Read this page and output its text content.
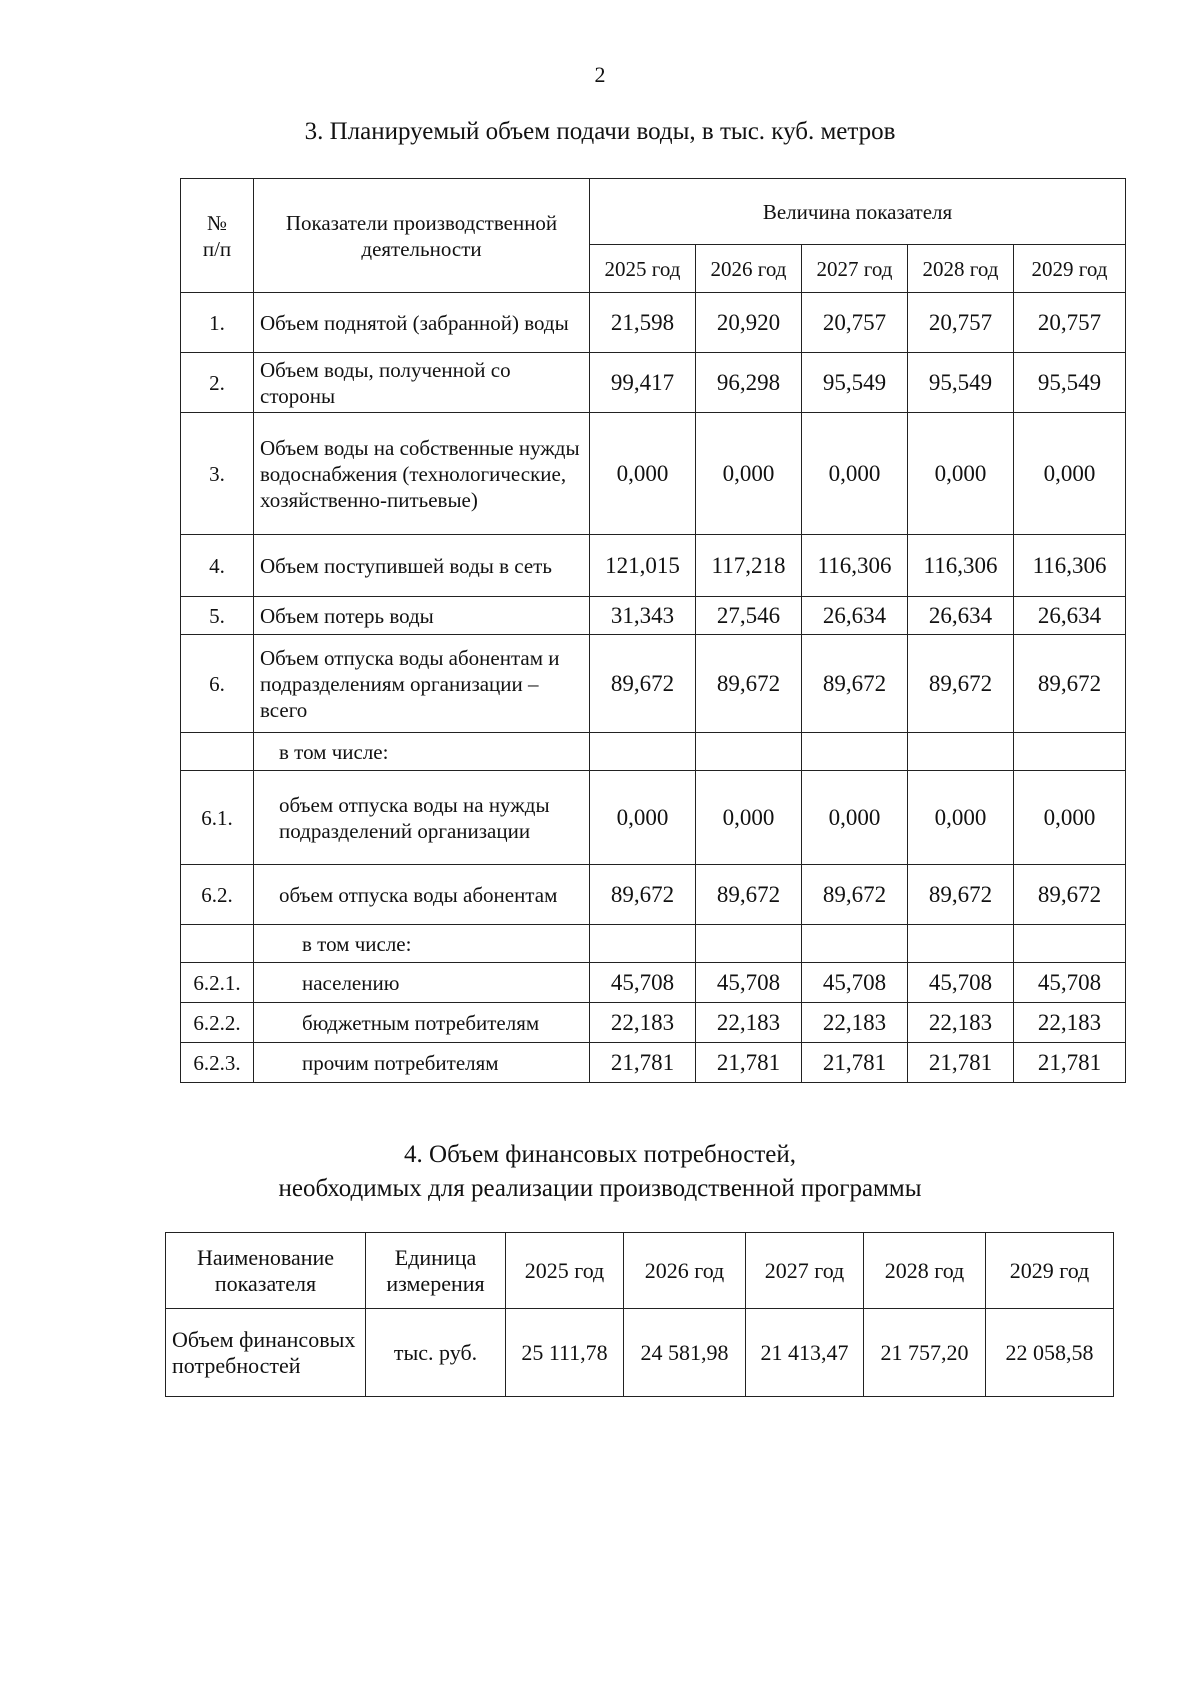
2
3. Планируемый объем подачи воды, в тыс. куб. метров
№
п/п	Показатели производственной деятельности	Величина показателя				
		2025 год	2026 год	2027 год	2028 год	2029 год
1.	Объем поднятой (забранной) воды	21,598	20,920	20,757	20,757	20,757
2.	Объем воды, полученной со стороны	99,417	96,298	95,549	95,549	95,549
3.	Объем воды на собственные нужды водоснабжения (технологические, хозяйственно-питьевые)	0,000	0,000	0,000	0,000	0,000
4.	Объем поступившей воды в сеть	121,015	117,218	116,306	116,306	116,306
5.	Объем потерь воды	31,343	27,546	26,634	26,634	26,634
6.	Объем отпуска воды абонентам и подразделениям организации – всего	89,672	89,672	89,672	89,672	89,672
	в том числе:					
6.1.	объем отпуска воды на нужды подразделений организации	0,000	0,000	0,000	0,000	0,000
6.2.	объем отпуска воды абонентам	89,672	89,672	89,672	89,672	89,672
	в том числе:					
6.2.1.	населению	45,708	45,708	45,708	45,708	45,708
6.2.2.	бюджетным потребителям	22,183	22,183	22,183	22,183	22,183
6.2.3.	прочим потребителям	21,781	21,781	21,781	21,781	21,781
4. Объем финансовых потребностей,
необходимых для реализации производственной программы
Наименование показателя	Единица измерения	2025 год	2026 год	2027 год	2028 год	2029 год
Объем финансовых потребностей	тыс. руб.	25 111,78	24 581,98	21 413,47	21 757,20	22 058,58
